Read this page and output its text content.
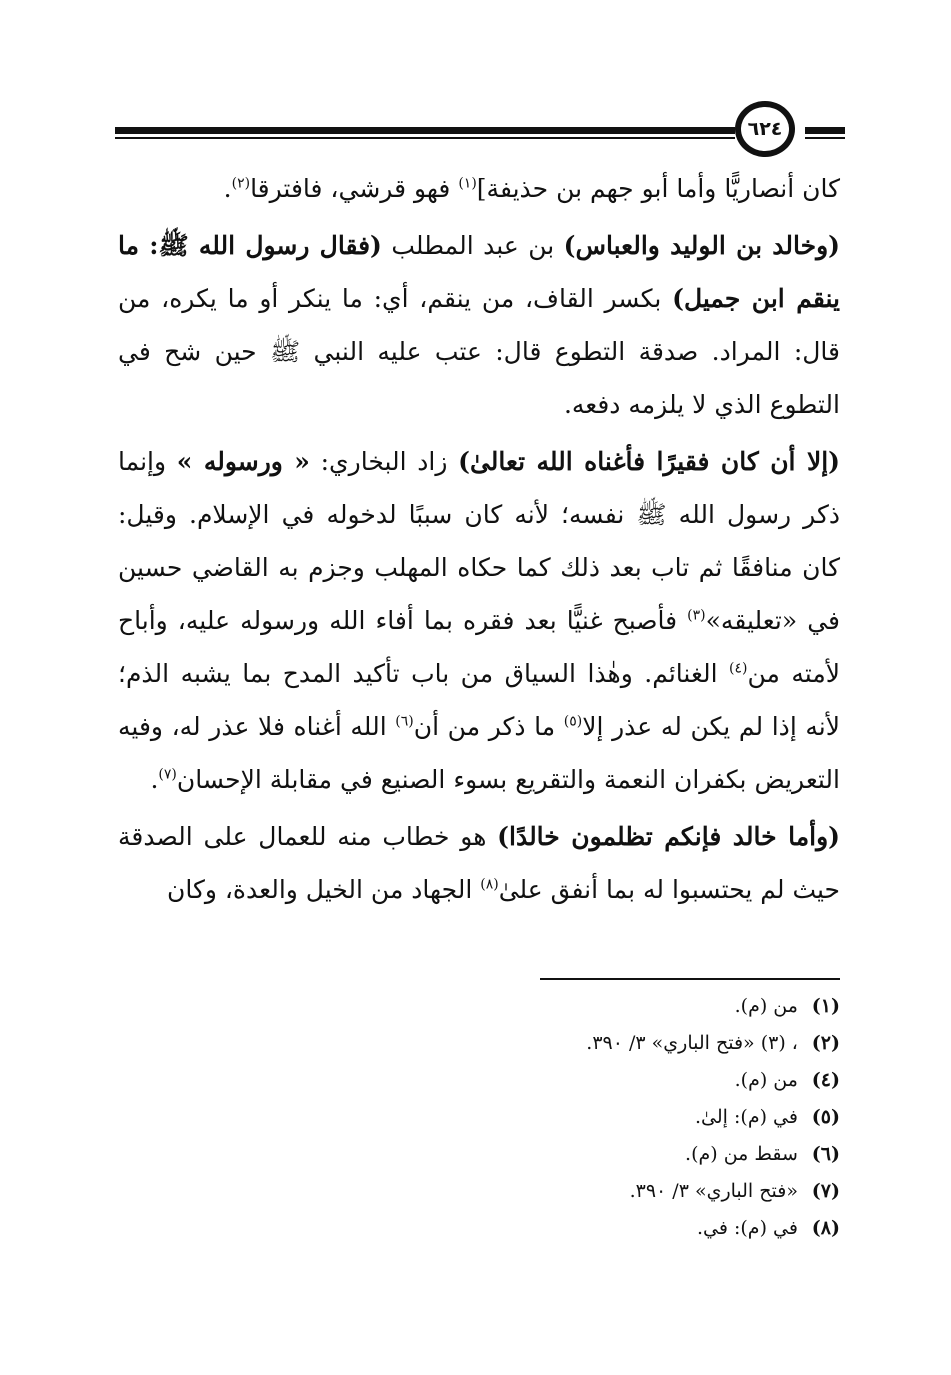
٦٢٤

كان أنصاريًّا وأما أبو جهم بن حذيفة]$^{(١)}$ فهو قرشي، فافترقا$^{(٢)}$.

(وخالد بن الوليد والعباس) بن عبد المطلب (فقال رسول الله ﷺ: ما ينقم ابن جميل) بكسر القاف، من ينقم، أي: ما ينكر أو ما يكره، من قال: المراد. صدقة التطوع قال: عتب عليه النبي ﷺ حين شح في التطوع الذي لا يلزمه دفعه.

(إلا أن كان فقيرًا فأغناه الله تعالىٰ) زاد البخاري: « ورسوله » وإنما ذكر رسول الله ﷺ نفسه؛ لأنه كان سببًا لدخوله في الإسلام. وقيل: كان منافقًا ثم تاب بعد ذلك كما حكاه المهلب وجزم به القاضي حسين في «تعليقه»$^{(٣)}$ فأصبح غنيًّا بعد فقره بما أفاء الله ورسوله عليه، وأباح لأمته من$^{(٤)}$ الغنائم. وهٰذا السياق من باب تأكيد المدح بما يشبه الذم؛ لأنه إذا لم يكن له عذر إلا$^{(٥)}$ ما ذكر من أن$^{(٦)}$ الله أغناه فلا عذر له، وفيه التعريض بكفران النعمة والتقريع بسوء الصنيع في مقابلة الإحسان$^{(٧)}$.

(وأما خالد فإنكم تظلمون خالدًا) هو خطاب منه للعمال على الصدقة حيث لم يحتسبوا له بما أنفق علىٰ$^{(٨)}$ الجهاد من الخيل والعدة، وكان

(١) من (م).
(٢) ، (٣) «فتح الباري» ٣/ ٣٩٠.
(٤) من (م).
(٥) في (م): إلىٰ.
(٦) سقط من (م).
(٧) «فتح الباري» ٣/ ٣٩٠.
(٨) في (م): في.
